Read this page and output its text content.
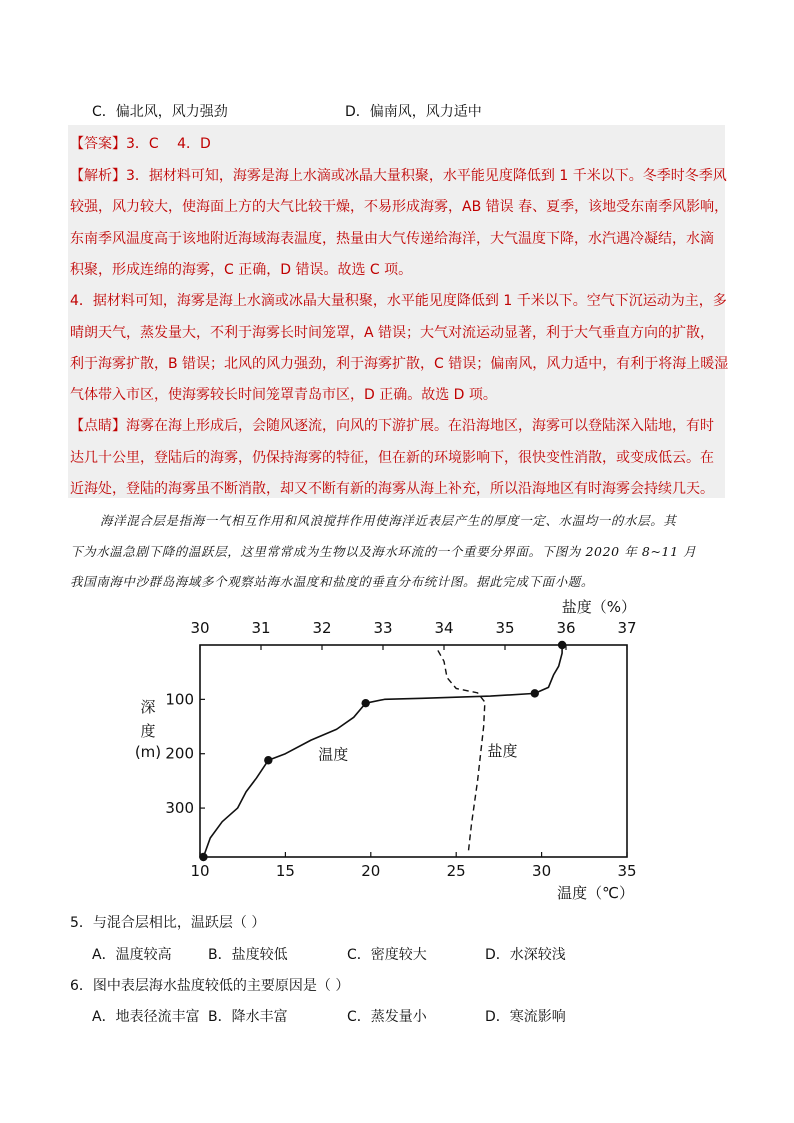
C．偏北风，风力强劲	D．偏南风，风力适中
【答案】3．C　 4．D
【解析】3．据材料可知，海雾是海上水滴或冰晶大量积聚，水平能见度降低到 1 千米以下。冬季时冬季风
较强，风力较大，使海面上方的大气比较干燥，不易形成海雾，AB 错误 春、夏季，该地受东南季风影响，
东南季风温度高于该地附近海域海表温度，热量由大气传递给海洋，大气温度下降，水汽遇冷凝结，水滴
积聚，形成连绵的海雾，C 正确，D 错误。故选 C 项。
4．据材料可知，海雾是海上水滴或冰晶大量积聚，水平能见度降低到 1 千米以下。空气下沉运动为主，多
晴朗天气，蒸发量大，不利于海雾长时间笼罩，A 错误；大气对流运动显著，利于大气垂直方向的扩散，
利于海雾扩散，B 错误；北风的风力强劲，利于海雾扩散，C 错误；偏南风，风力适中，有利于将海上暖湿
气体带入市区，使海雾较长时间笼罩青岛市区，D 正确。故选 D 项。
【点睛】海雾在海上形成后，会随风逐流，向风的下游扩展。在沿海地区，海雾可以登陆深入陆地，有时
达几十公里，登陆后的海雾，仍保持海雾的特征，但在新的环境影响下，很快变性消散，或变成低云。在
近海处，登陆的海雾虽不断消散，却又不断有新的海雾从海上补充，所以沿海地区有时海雾会持续几天。
海洋混合层是指海一气相互作用和风浪搅拌作用使海洋近表层产生的厚度一定、水温均一的水层。其
下为水温急剧下降的温跃层，这里常常成为生物以及海水环流的一个重要分界面。下图为 2020 年 8~11 月
我国南海中沙群岛海域多个观察站海水温度和盐度的垂直分布统计图。据此完成下面小题。
30	31	32	33	34	35	36	37
10	15	20	25	30	35
100
200
300
盐度（%）
温度（℃）
深
度
(m)	温度	盐度
5．与混合层相比，温跃层（ ）
A．温度较高	B．盐度较低	C．密度较大	D．水深较浅
6．图中表层海水盐度较低的主要原因是（ ）
A．地表径流丰富 B．降水丰富	C．蒸发量小	D．寒流影响
